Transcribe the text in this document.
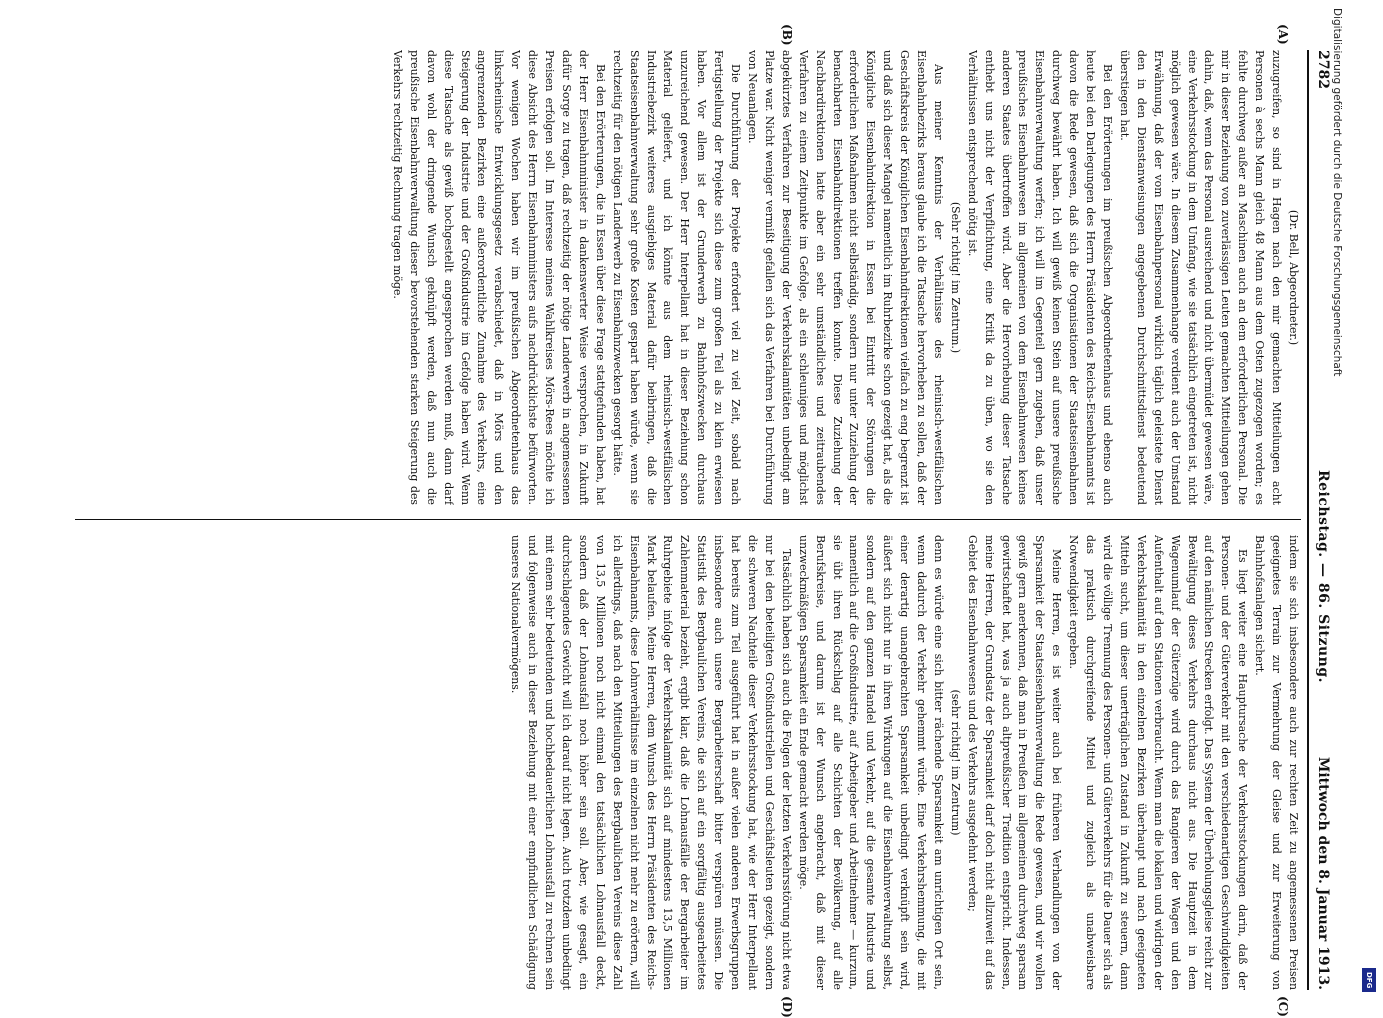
2782
Reichstag. — 86. Sitzung.
Mittwoch den 8. Januar 1913.
(A)
(B)
(C)
(D)

(Dr. Bell, Abgeordneter.)

zuzugreifen, so sind in Hagen nach den mir gemachten Mitteilungen acht Personen à sechs Mann gleich 48 Mann aus dem Osten zugezogen worden; es fehlte durchweg außer an Maschinen auch an dem erforderlichen Personal. Die mir in dieser Beziehung von zuverlässigen Leuten gemachten Mitteilungen gehen dahin, daß, wenn das Personal ausreichend und nicht übermüdet gewesen wäre, eine Verkehrsstockung in dem Umfang, wie sie tatsächlich eingetreten ist, nicht möglich gewesen wäre. In diesem Zusammenhange verdient auch der Umstand Erwähnung, daß der vom Eisenbahnpersonal wirklich täglich geleistete Dienst den in den Dienstanweisungen angegebenen Durchschnittsdienst bedeutend überstiegen hat.

Bei den Erörterungen im preußischen Abgeordnetenhaus und ebenso auch heute bei den Darlegungen des Herrn Präsidenten des Reichs-Eisenbahnamts ist davon die Rede gewesen, daß sich die Organisationen der Staatseisenbahnen durchweg bewährt haben. Ich will gewiß keinen Stein auf unsere preußische Eisenbahnverwaltung werfen; ich will im Gegenteil gern zugeben, daß unser preußisches Eisenbahnwesen im allgemeinen von dem Eisenbahnwesen keines anderen Staates übertroffen wird. Aber die Hervorhebung dieser Tatsache enthebt uns nicht der Verpflichtung, eine Kritik da zu üben, wo sie den Verhältnissen entsprechend nötig ist.

(Sehr richtig! im Zentrum.)

Aus meiner Kenntnis der Verhältnisse des rheinisch-westfälischen Eisenbahnbezirks heraus glaube ich die Tatsache hervorheben zu sollen, daß der Geschäftskreis der Königlichen Eisenbahndirektionen vielfach zu eng begrenzt ist und daß sich dieser Mangel namentlich im Ruhrbezirke schon gezeigt hat, als die Königliche Eisenbahndirektion in Essen bei Eintritt der Störungen die erforderlichen Maßnahmen nicht selbständig, sondern nur unter Zuziehung der benachbarten Eisenbahndirektionen treffen konnte. Diese Zuziehung der Nachbardirektionen hatte aber ein sehr umständliches und zeitraubendes Verfahren zu einem Zeitpunkte im Gefolge, als ein schleuniges und möglichst abgekürztes Verfahren zur Beseitigung der Verkehrskalamitäten unbedingt am Platze war. Nicht weniger vermißt gefallen sich das Verfahren bei Durchführung von Neuanlagen.

Die Durchführung der Projekte erfordert viel zu viel Zeit, sobald nach Fertigstellung der Projekte sich diese zum großen Teil als zu klein erwiesen haben. Vor allem ist der Grunderwerb zu Bahnhofszwecken durchaus unzureichend gewesen. Der Herr Interpellant hat in dieser Beziehung schon Material geliefert, und ich könnte aus dem rheinisch-westfälischen Industriebezirk weiteres ausgiebiges Material dafür beibringen, daß die Staatseisenbahnverwaltung sehr große Kosten gespart haben würde, wenn sie rechtzeitig für den nötigen Landerwerb zu Eisenbahnzwecken gesorgt hätte.

Bei den Erörterungen, die in Essen über diese Frage stattgefunden haben, hat der Herr Eisenbahnminister in dankenswerter Weise versprochen, in Zukunft dafür Sorge zu tragen, daß rechtzeitig der nötige Landerwerb in angemessenen Preisen erfolgen soll. Im Interesse meines Wahlkreises Mörs-Rees möchte ich diese Absicht des Herrn Eisenbahnministers aufs nachdrücklichste befürworten. Vor wenigen Wochen haben wir im preußischen Abgeordnetenhaus das linksrheinische Entwicklungsgesetz verabschiedet, daß in Mörs und den angrenzenden Bezirken eine außerordentliche Zunahme des Verkehrs, eine Steigerung der Industrie und der Großindustrie im Gefolge haben wird. Wenn diese Tatsache als gewiß hochgestellt angesprochen werden muß, dann darf davon wohl der dringende Wunsch geknüpft werden, daß nun auch die preußische Eisenbahnverwaltung dieser bevorstehenden starken Steigerung des Verkehrs rechtzeitig Rechnung tragen möge.

indem sie sich insbesondere auch zur rechten Zeit zu angemessenen Preisen geeignetes Terrain zur Vermehrung der Gleise und zur Erweiterung von Bahnhofsanlagen sichert.

Es liegt weiter eine Hauptursache der Verkehrsstockungen darin, daß der Personen- und der Güterverkehr mit den verschiedenartigen Geschwindigkeiten auf den nämlichen Strecken erfolgt. Das System der Überholungsgleise reicht zur Bewältigung dieses Verkehrs durchaus nicht aus. Die Hauptzeit in dem Wagenumlauf der Güterzüge wird durch das Rangieren der Wagen und den Aufenthalt auf den Stationen verbraucht. Wenn man die lokalen und widrigen der Verkehrskalamität in den einzelnen Bezirken überhaupt und nach geeigneten Mitteln sucht, um dieser unerträglichen Zustand in Zukunft zu steuern, dann wird die völlige Trennung des Personen- und Güterverkehrs für die Dauer sich als das praktisch durchgreifende Mittel und zugleich als unabweisbare Notwendigkeit ergeben.

Meine Herren, es ist weiter auch bei früheren Verhandlungen von der Sparsamkeit der Staatseisenbahnverwaltung die Rede gewesen, und wir wollen gewiß gern anerkennen, daß man in Preußen im allgemeinen durchweg sparsam gewirtschaftet hat, was ja auch altpreußischer Tradition entspricht. Indessen, meine Herren, der Grundsatz der Sparsamkeit darf doch nicht allzuweit auf das Gebiet des Eisenbahnwesens und des Verkehrs ausgedehnt werden;

(sehr richtig! im Zentrum)

denn es würde eine sich bitter rächende Sparsamkeit am unrichtigen Ort sein, wenn dadurch der Verkehr gehemmt würde. Eine Verkehrshemmung, die mit einer derartig unangebrachten Sparsamkeit unbedingt verknüpft sein wird, äußert sich nicht nur in ihren Wirkungen auf die Eisenbahnverwaltung selbst, sondern auf den ganzen Handel und Verkehr, auf die gesamte Industrie und namentlich auf die Großindustrie, auf Arbeitgeber und Arbeitnehmer — kurzum, sie übt ihren Rückschlag auf alle Schichten der Bevölkerung, auf alle Berufskreise, und darum ist der Wunsch angebracht, daß mit dieser unzweckmäßigen Sparsamkeit ein Ende gemacht werden möge.

Tatsächlich haben sich auch die Folgen der letzten Verkehrsstörung nicht etwa nur bei den beteiligten Großindustriellen und Geschäftsleuten gezeigt, sondern die schweren Nachteile dieser Verkehrsstockung hat, wie der Herr Interpellant hat bereits zum Teil ausgeführt hat in außer vielen anderen Erwerbsgruppen insbesondere auch unsere Bergarbeiterschaft bitter verspüren müssen. Die Statistik des Bergbaulichen Vereins, die sich auf ein sorgfältig ausgearbeitetes Zahlenmaterial bezieht, ergibt klar, daß die Lohnausfälle der Bergarbeiter im Ruhrgebiete infolge der Verkehrskalamität sich auf mindestens 13,5 Millionen Mark belaufen. Meine Herren, dem Wunsch des Herrn Präsidenten des Reichs-Eisenbahnamts, diese Lohnverhältnisse im einzelnen nicht mehr zu erörtern, will ich allerdings, daß nach den Mitteilungen des Bergbaulichen Vereins diese Zahl von 13,5 Millionen noch nicht einmal den tatsächlichen Lohnausfall deckt, sondern daß der Lohnausfall noch höher sein soll. Aber, wie gesagt, ein durchschlagendes Gewicht will ich darauf nicht legen. Auch trotzdem unbedingt mit einem sehr bedeutenden und hochbedauerlichen Lohnausfall zu rechnen sein und folgenweise auch in dieser Beziehung mit einer empfindlichen Schädigung unseres Nationalvermögens.

Digitalisierung gefördert durch die Deutsche Forschungsgemeinschaft
DFG
